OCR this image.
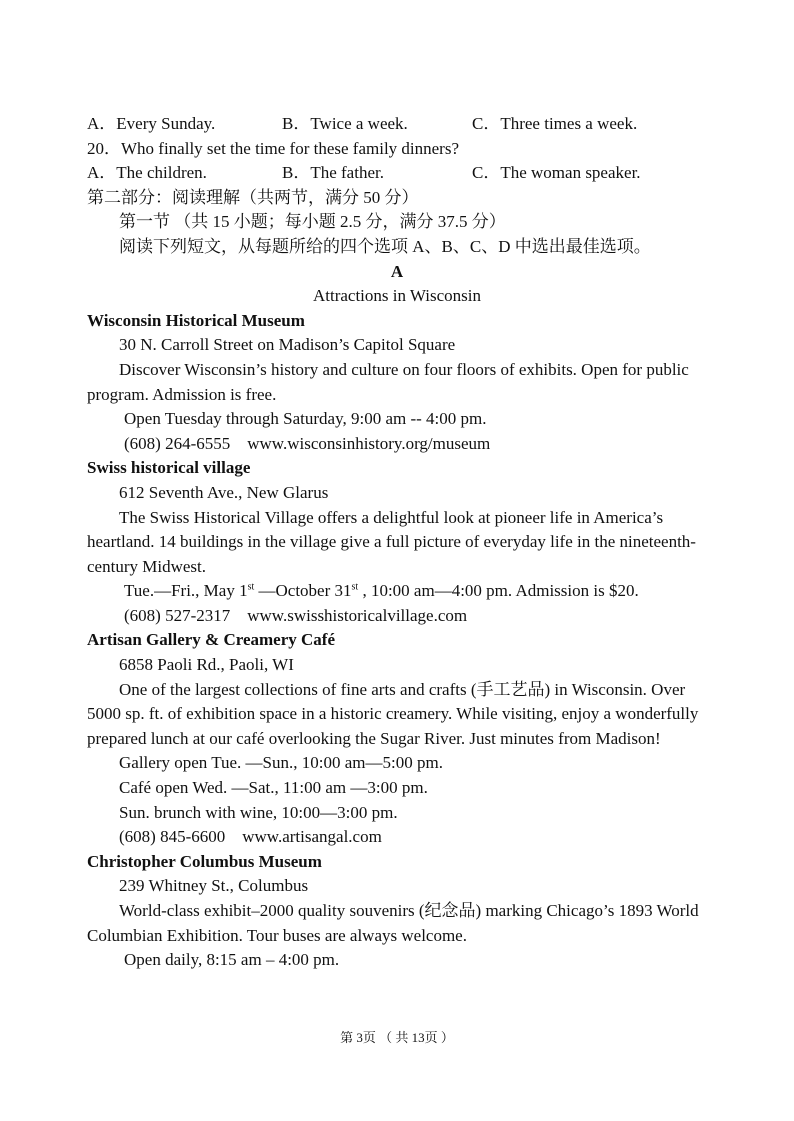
A．Every Sunday.	B．Twice a week.	C．Three times a week.
20．Who finally set the time for these family dinners?
A．The children.	B．The father.	C．The woman speaker.
第二部分：阅读理解（共两节，满分 50 分）
第一节 （共 15 小题；每小题 2.5 分，满分 37.5 分）
阅读下列短文，从每题所给的四个选项 A、B、C、D 中选出最佳选项。
A
Attractions in Wisconsin
Wisconsin Historical Museum
30 N. Carroll Street on Madison’s Capitol Square
Discover Wisconsin’s history and culture on four floors of exhibits. Open for public program. Admission is free.
Open Tuesday through Saturday, 9:00 am -- 4:00 pm.
(608) 264-6555    www.wisconsinhistory.org/museum
Swiss historical village
612 Seventh Ave., New Glarus
The Swiss Historical Village offers a delightful look at pioneer life in America’s heartland. 14 buildings in the village give a full picture of everyday life in the nineteenth-century Midwest.
Tue.—Fri., May 1st —October 31st , 10:00 am—4:00 pm. Admission is $20.
(608) 527-2317    www.swisshistoricalvillage.com
Artisan Gallery & Creamery Café
6858 Paoli Rd., Paoli, WI
One of the largest collections of fine arts and crafts (手工艺品) in Wisconsin. Over 5000 sp. ft. of exhibition space in a historic creamery. While visiting, enjoy a wonderfully prepared lunch at our café overlooking the Sugar River. Just minutes from Madison!
Gallery open Tue. —Sun., 10:00 am—5:00 pm.
Café open Wed. —Sat., 11:00 am —3:00 pm.
Sun. brunch with wine, 10:00—3:00 pm.
(608) 845-6600    www.artisangal.com
Christopher Columbus Museum
239 Whitney St., Columbus
World-class exhibit–2000 quality souvenirs (纪念品) marking Chicago’s 1893 World Columbian Exhibition. Tour buses are always welcome.
Open daily, 8:15 am – 4:00 pm.
第 3页 （ 共 13页 ）
